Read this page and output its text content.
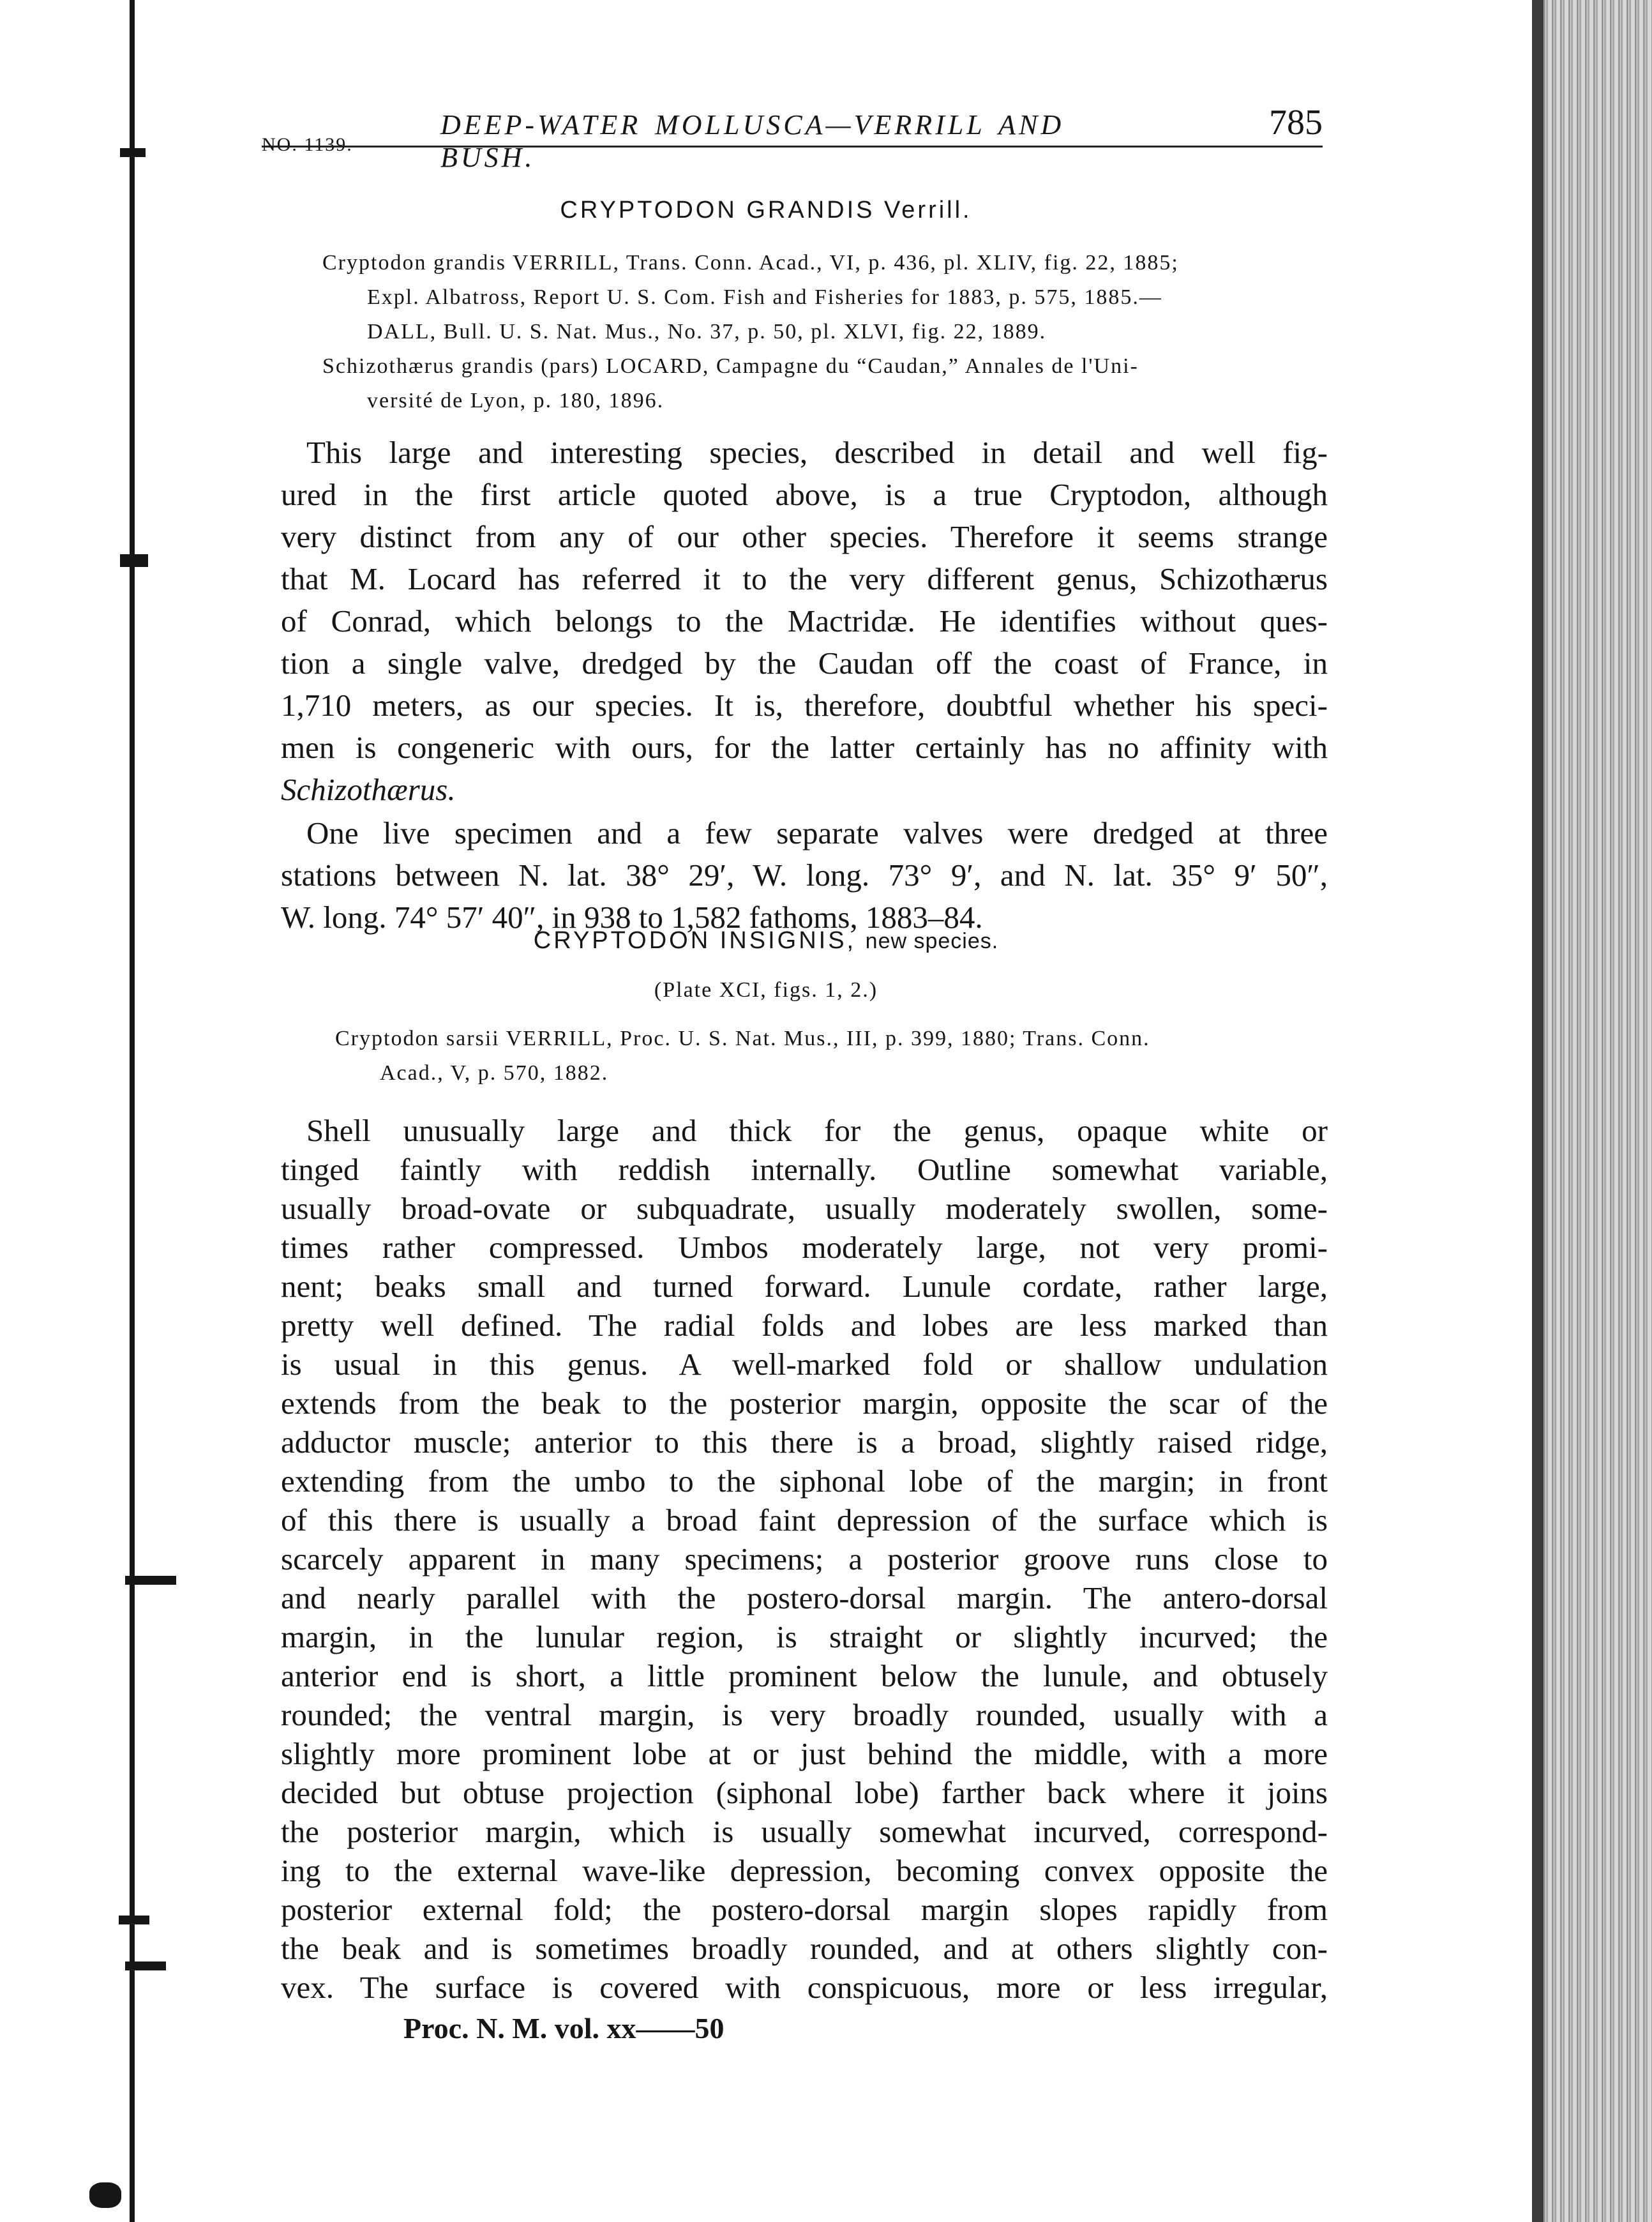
NO. 1139.
DEEP-WATER MOLLUSCA—VERRILL AND BUSH.
785
CRYPTODON GRANDIS Verrill.
Cryptodon grandis VERRILL, Trans. Conn. Acad., VI, p. 436, pl. XLIV, fig. 22, 1885;
Expl. Albatross, Report U. S. Com. Fish and Fisheries for 1883, p. 575, 1885.—
DALL, Bull. U. S. Nat. Mus., No. 37, p. 50, pl. XLVI, fig. 22, 1889.
Schizothærus grandis (pars) LOCARD, Campagne du “Caudan,” Annales de l'Uni-
versité de Lyon, p. 180, 1896.
This large and interesting species, described in detail and well fig-
ured in the first article quoted above, is a true Cryptodon, although
very distinct from any of our other species. Therefore it seems strange
that M. Locard has referred it to the very different genus, Schizothærus
of Conrad, which belongs to the Mactridæ. He identifies without ques-
tion a single valve, dredged by the Caudan off the coast of France, in
1,710 meters, as our species. It is, therefore, doubtful whether his speci-
men is congeneric with ours, for the latter certainly has no affinity with
Schizothærus.
One live specimen and a few separate valves were dredged at three
stations between N. lat. 38° 29′, W. long. 73° 9′, and N. lat. 35° 9′ 50″,
W. long. 74° 57′ 40″, in 938 to 1,582 fathoms, 1883–84.
CRYPTODON INSIGNIS, new species.
(Plate XCI, figs. 1, 2.)
Cryptodon sarsii VERRILL, Proc. U. S. Nat. Mus., III, p. 399, 1880; Trans. Conn.
Acad., V, p. 570, 1882.
Shell unusually large and thick for the genus, opaque white or
tinged faintly with reddish internally. Outline somewhat variable,
usually broad-ovate or subquadrate, usually moderately swollen, some-
times rather compressed. Umbos moderately large, not very promi-
nent; beaks small and turned forward. Lunule cordate, rather large,
pretty well defined. The radial folds and lobes are less marked than
is usual in this genus. A well-marked fold or shallow undulation
extends from the beak to the posterior margin, opposite the scar of the
adductor muscle; anterior to this there is a broad, slightly raised ridge,
extending from the umbo to the siphonal lobe of the margin; in front
of this there is usually a broad faint depression of the surface which is
scarcely apparent in many specimens; a posterior groove runs close to
and nearly parallel with the postero-dorsal margin. The antero-dorsal
margin, in the lunular region, is straight or slightly incurved; the
anterior end is short, a little prominent below the lunule, and obtusely
rounded; the ventral margin, is very broadly rounded, usually with a
slightly more prominent lobe at or just behind the middle, with a more
decided but obtuse projection (siphonal lobe) farther back where it joins
the posterior margin, which is usually somewhat incurved, correspond-
ing to the external wave-like depression, becoming convex opposite the
posterior external fold; the postero-dorsal margin slopes rapidly from
the beak and is sometimes broadly rounded, and at others slightly con-
vex. The surface is covered with conspicuous, more or less irregular,
Proc. N. M. vol. xx——50
